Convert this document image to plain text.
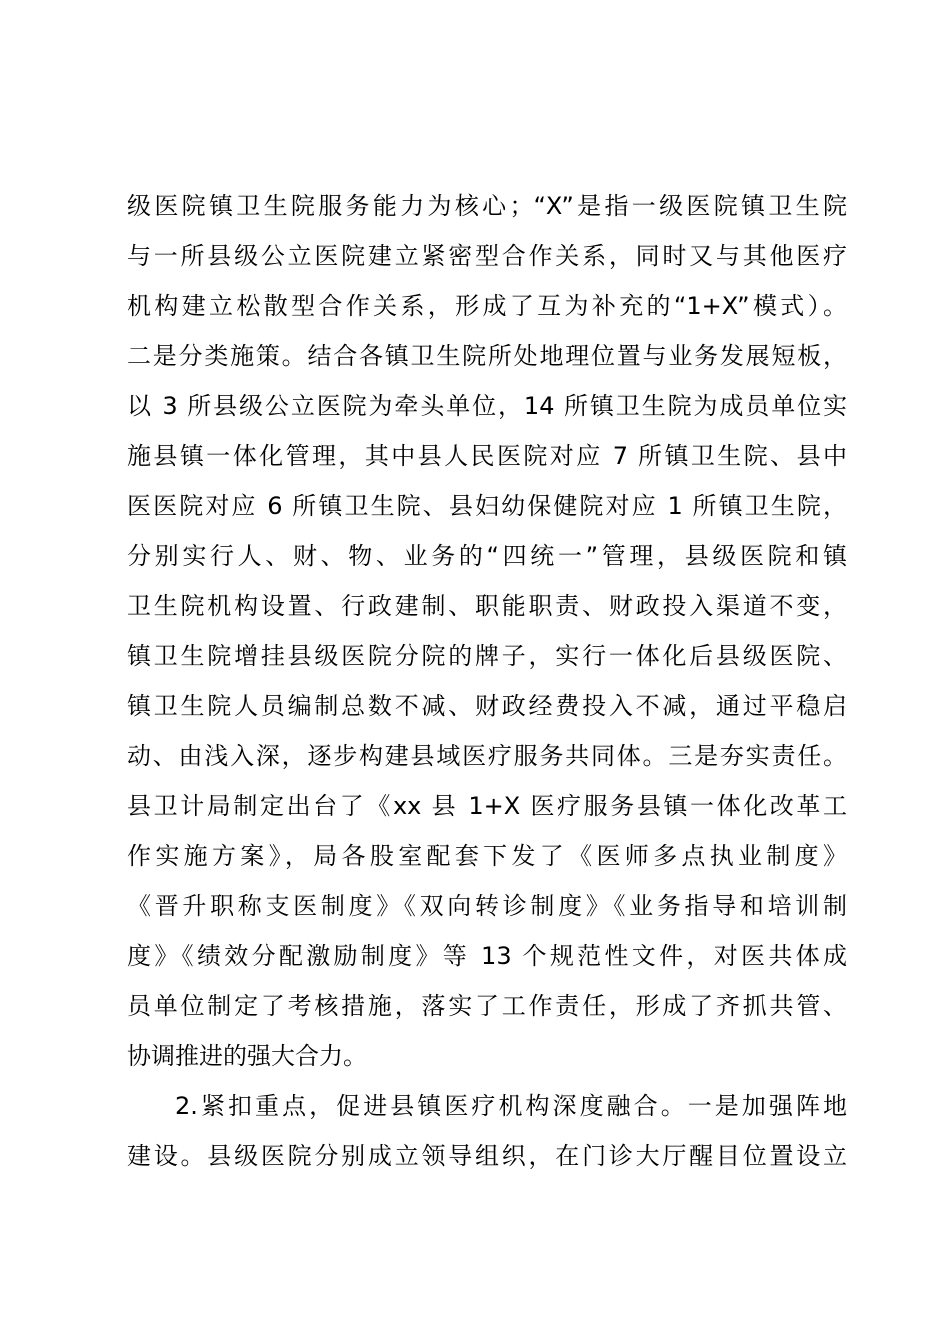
级医院镇卫生院服务能力为核心；“X”是指一级医院镇卫生院
与一所县级公立医院建立紧密型合作关系，同时又与其他医疗
机构建立松散型合作关系，形成了互为补充的“1+X”模式）。
二是分类施策。结合各镇卫生院所处地理位置与业务发展短板，
以 3 所县级公立医院为牵头单位，14 所镇卫生院为成员单位实
施县镇一体化管理，其中县人民医院对应 7 所镇卫生院、县中
医医院对应 6 所镇卫生院、县妇幼保健院对应 1 所镇卫生院，
分别实行人、财、物、业务的“四统一”管理，县级医院和镇
卫生院机构设置、行政建制、职能职责、财政投入渠道不变，
镇卫生院增挂县级医院分院的牌子，实行一体化后县级医院、
镇卫生院人员编制总数不减、财政经费投入不减，通过平稳启
动、由浅入深，逐步构建县域医疗服务共同体。三是夯实责任。
县卫计局制定出台了《xx 县 1+X 医疗服务县镇一体化改革工
作实施方案》，局各股室配套下发了《医师多点执业制度》
《晋升职称支医制度》《双向转诊制度》《业务指导和培训制
度》《绩效分配激励制度》等 13 个规范性文件，对医共体成
员单位制定了考核措施，落实了工作责任，形成了齐抓共管、
协调推进的强大合力。
2.紧扣重点，促进县镇医疗机构深度融合。一是加强阵地
建设。县级医院分别成立领导组织，在门诊大厅醒目位置设立
